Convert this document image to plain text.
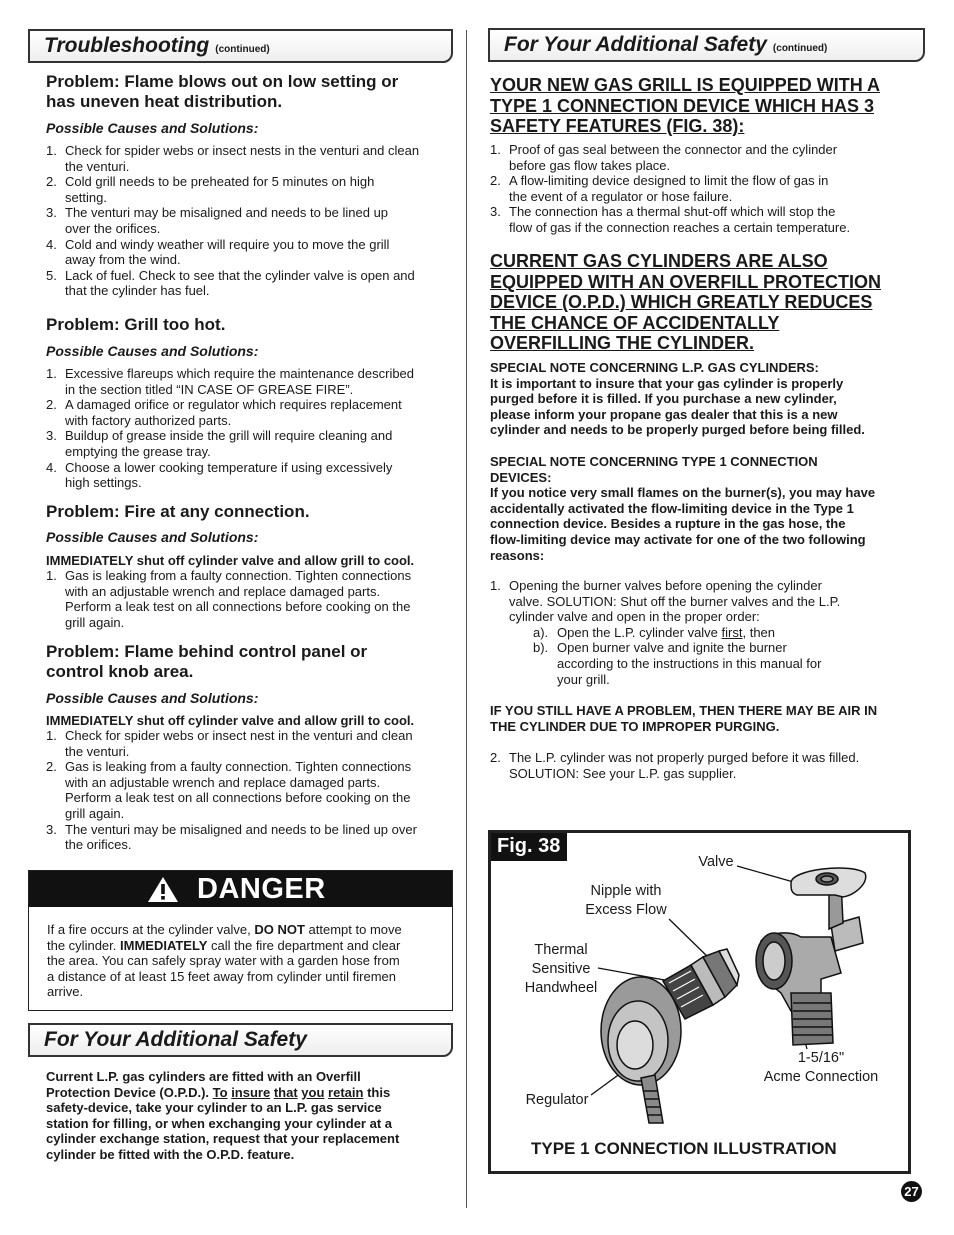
Troubleshooting (continued)
Problem: Flame blows out on low setting or
has uneven heat distribution.
Possible Causes and Solutions:
1. Check for spider webs or insect nests in the venturi and clean
the venturi.
2. Cold grill needs to be preheated for 5 minutes on high
setting.
3. The venturi may be misaligned and needs to be lined up
over the orifices.
4. Cold and windy weather will require you to move the grill
away from the wind.
5. Lack of fuel. Check to see that the cylinder valve is open and
that the cylinder has fuel.
Problem: Grill too hot.
Possible Causes and Solutions:
1. Excessive flareups which require the maintenance described
in the section titled “IN CASE OF GREASE FIRE”.
2. A damaged orifice or regulator which requires replacement
with factory authorized parts.
3. Buildup of grease inside the grill will require cleaning and
emptying the grease tray.
4. Choose a lower cooking temperature if using excessively
high settings.
Problem: Fire at any connection.
Possible Causes and Solutions:
IMMEDIATELY shut off cylinder valve and allow grill to cool.
1. Gas is leaking from a faulty connection. Tighten connections
with an adjustable wrench and replace damaged parts.
Perform a leak test on all connections before cooking on the
grill again.
Problem: Flame behind control panel or
control knob area.
Possible Causes and Solutions:
IMMEDIATELY shut off cylinder valve and allow grill to cool.
1. Check for spider webs or insect nest in the venturi and clean
the venturi.
2. Gas is leaking from a faulty connection. Tighten connections
with an adjustable wrench and replace damaged parts.
Perform a leak test on all connections before cooking on the
grill again.
3. The venturi may be misaligned and needs to be lined up over
the orifices.
DANGER
If a fire occurs at the cylinder valve, DO NOT attempt to move
the cylinder. IMMEDIATELY call the fire department and clear
the area. You can safely spray water with a garden hose from
a distance of at least 15 feet away from cylinder until firemen
arrive.
For Your Additional Safety
Current L.P. gas cylinders are fitted with an Overfill
Protection Device (O.P.D.). To insure that you retain this
safety-device, take your cylinder to an L.P. gas service
station for filling, or when exchanging your cylinder at a
cylinder exchange station, request that your replacement
cylinder be fitted with the O.P.D. feature.
For Your Additional Safety (continued)
YOUR NEW GAS GRILL IS EQUIPPED WITH A
TYPE 1 CONNECTION DEVICE WHICH HAS 3
SAFETY FEATURES (FIG. 38):
1. Proof of gas seal between the connector and the cylinder
before gas flow takes place.
2. A flow-limiting device designed to limit the flow of gas in
the event of a regulator or hose failure.
3. The connection has a thermal shut-off which will stop the
flow of gas if the connection reaches a certain temperature.
CURRENT GAS CYLINDERS ARE ALSO
EQUIPPED WITH AN OVERFILL PROTECTION
DEVICE (O.P.D.) WHICH GREATLY REDUCES
THE CHANCE OF ACCIDENTALLY
OVERFILLING THE CYLINDER.
SPECIAL NOTE CONCERNING L.P. GAS CYLINDERS:
It is important to insure that your gas cylinder is properly
purged before it is filled. If you purchase a new cylinder,
please inform your propane gas dealer that this is a new
cylinder and needs to be properly purged before being filled.
SPECIAL NOTE CONCERNING TYPE 1 CONNECTION
DEVICES:
If you notice very small flames on the burner(s), you may have
accidentally activated the flow-limiting device in the Type 1
connection device. Besides a rupture in the gas hose, the
flow-limiting device may activate for one of the two following
reasons:
1. Opening the burner valves before opening the cylinder
valve. SOLUTION: Shut off the burner valves and the L.P.
cylinder valve and open in the proper order:
a). Open the L.P. cylinder valve first, then
b). Open burner valve and ignite the burner
according to the instructions in this manual for
your grill.
IF YOU STILL HAVE A PROBLEM, THEN THERE MAY BE AIR IN
THE CYLINDER DUE TO IMPROPER PURGING.
2. The L.P. cylinder was not properly purged before it was filled.
SOLUTION: See your L.P. gas supplier.
Fig. 38
Valve
Nipple with
Excess Flow
Thermal
Sensitive
Handwheel
1-5/16"
Acme Connection
Regulator
TYPE 1 CONNECTION ILLUSTRATION
27
